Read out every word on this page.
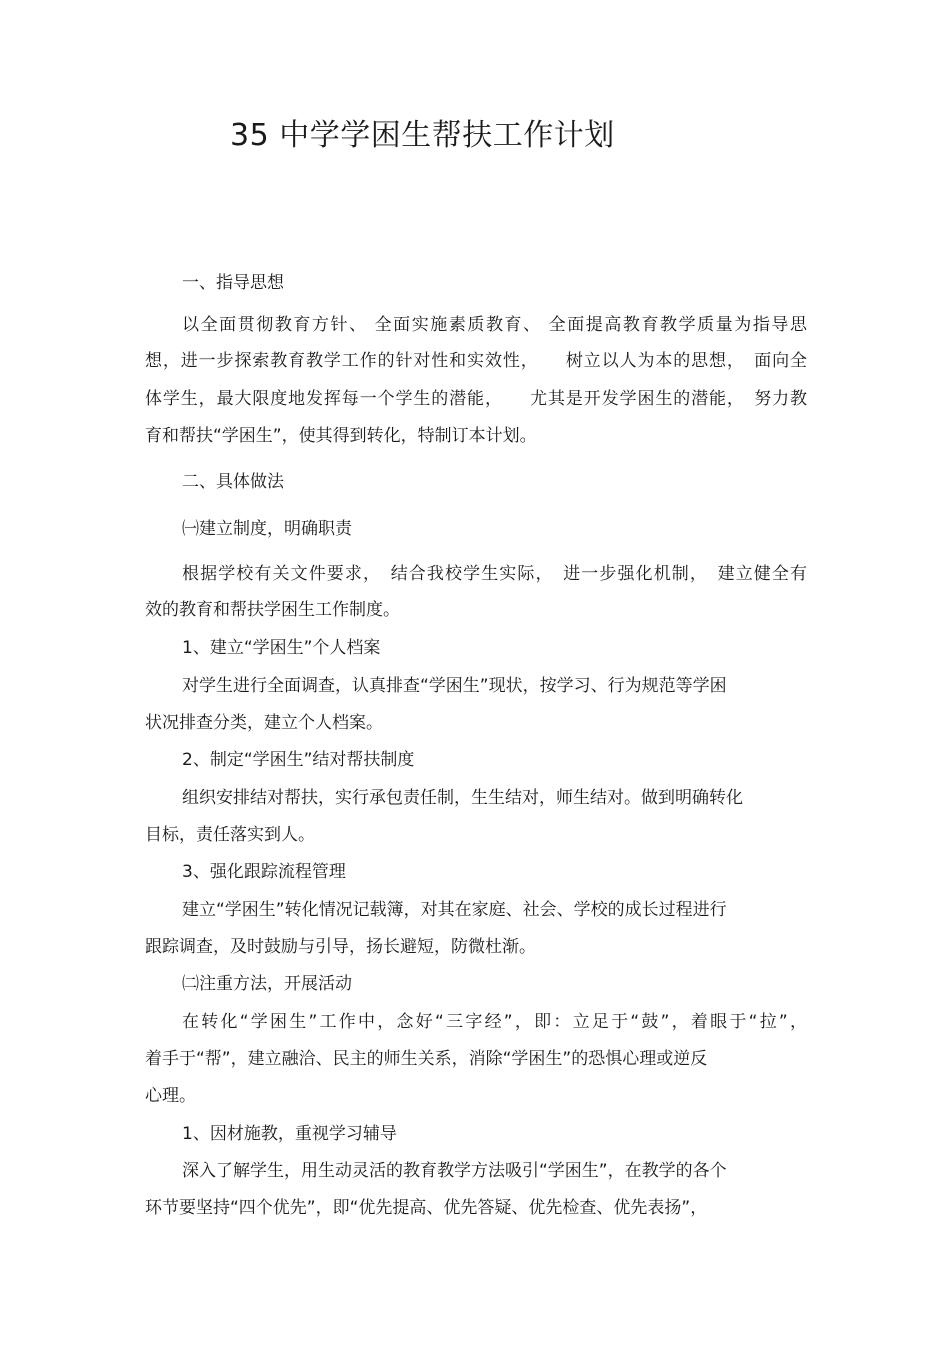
35 中学学困生帮扶工作计划
一、指导思想
以全面贯彻教育方针、 全面实施素质教育、 全面提高教育教学质量为指导思
想，进一步探索教育教学工作的针对性和实效性，　　树立以人为本的思想，　面向全
体学生，最大限度地发挥每一个学生的潜能，　　尤其是开发学困生的潜能，　努力教
育和帮扶“学困生”，使其得到转化，特制订本计划。
二、具体做法
㈠建立制度，明确职责
根据学校有关文件要求，　结合我校学生实际，　进一步强化机制，　建立健全有
效的教育和帮扶学困生工作制度。
1、建立“学困生”个人档案
对学生进行全面调查，认真排查“学困生”现状，按学习、行为规范等学困
状况排查分类，建立个人档案。
2、制定“学困生”结对帮扶制度
组织安排结对帮扶，实行承包责任制，生生结对，师生结对。做到明确转化
目标，责任落实到人。
3、强化跟踪流程管理
建立“学困生”转化情况记载簿，对其在家庭、社会、学校的成长过程进行
跟踪调查，及时鼓励与引导，扬长避短，防微杜渐。
㈡注重方法，开展活动
在转化“学困生”工作中，念好“三字经”，即：立足于“鼓”，着眼于“拉”，
着手于“帮”，建立融洽、民主的师生关系，消除“学困生”的恐惧心理或逆反
心理。
1、因材施教，重视学习辅导
深入了解学生，用生动灵活的教育教学方法吸引“学困生”，在教学的各个
环节要坚持“四个优先”，即“优先提高、优先答疑、优先检查、优先表扬”，
